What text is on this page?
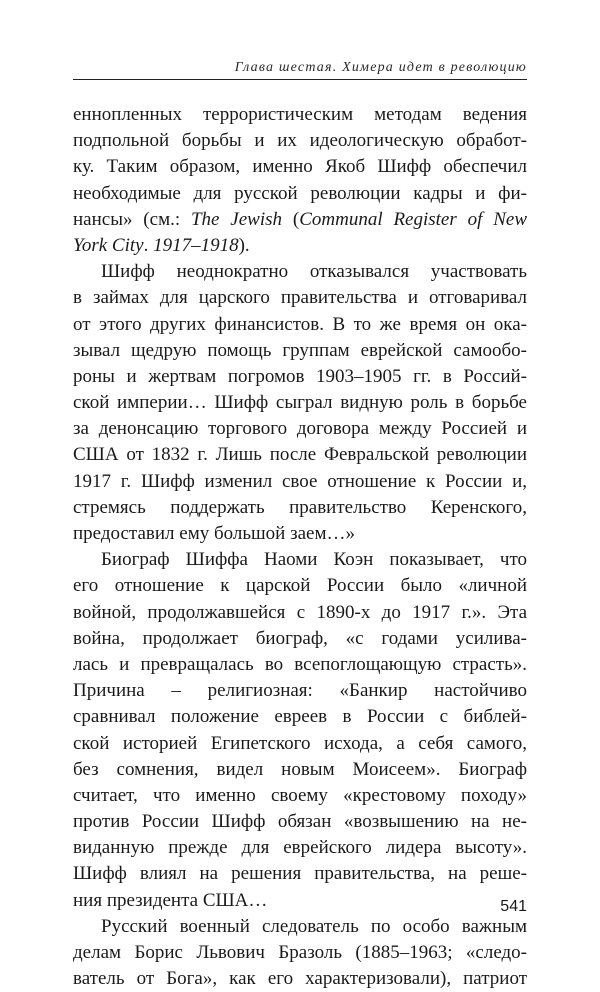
Глава шестая. Химера идет в революцию
еннопленных террористическим методам ведения
подпольной борьбы и их идеологическую обработ-
ку. Таким образом, именно Якоб Шифф обеспечил
необходимые для русской революции кадры и фи-
нансы» (см.: The Jewish (Communal Register of New
York City. 1917–1918).
Шифф неоднократно отказывался участвовать
в займах для царского правительства и отговаривал
от этого других финансистов. В то же время он ока-
зывал щедрую помощь группам еврейской самообо-
роны и жертвам погромов 1903–1905 гг. в Россий-
ской империи… Шифф сыграл видную роль в борьбе
за денонсацию торгового договора между Россией и
США от 1832 г. Лишь после Февральской революции
1917 г. Шифф изменил свое отношение к России и,
стремясь поддержать правительство Керенского,
предоставил ему большой заем…»
Биограф Шиффа Наоми Коэн показывает, что
его отношение к царской России было «личной
войной, продолжавшейся с 1890-х до 1917 г.». Эта
война, продолжает биограф, «с годами усилива-
лась и превращалась во всепоглощающую страсть».
Причина – религиозная: «Банкир настойчиво
сравнивал положение евреев в России с библей-
ской историей Египетского исхода, а себя самого,
без сомнения, видел новым Моисеем». Биограф
считает, что именно своему «крестовому походу»
против России Шифф обязан «возвышению на не-
виданную прежде для еврейского лидера высоту».
Шифф влиял на решения правительства, на реше-
ния президента США…
Русский военный следователь по особо важным
делам Борис Львович Бразоль (1885–1963; «следо-
ватель от Бога», как его характеризовали), патриот
541
